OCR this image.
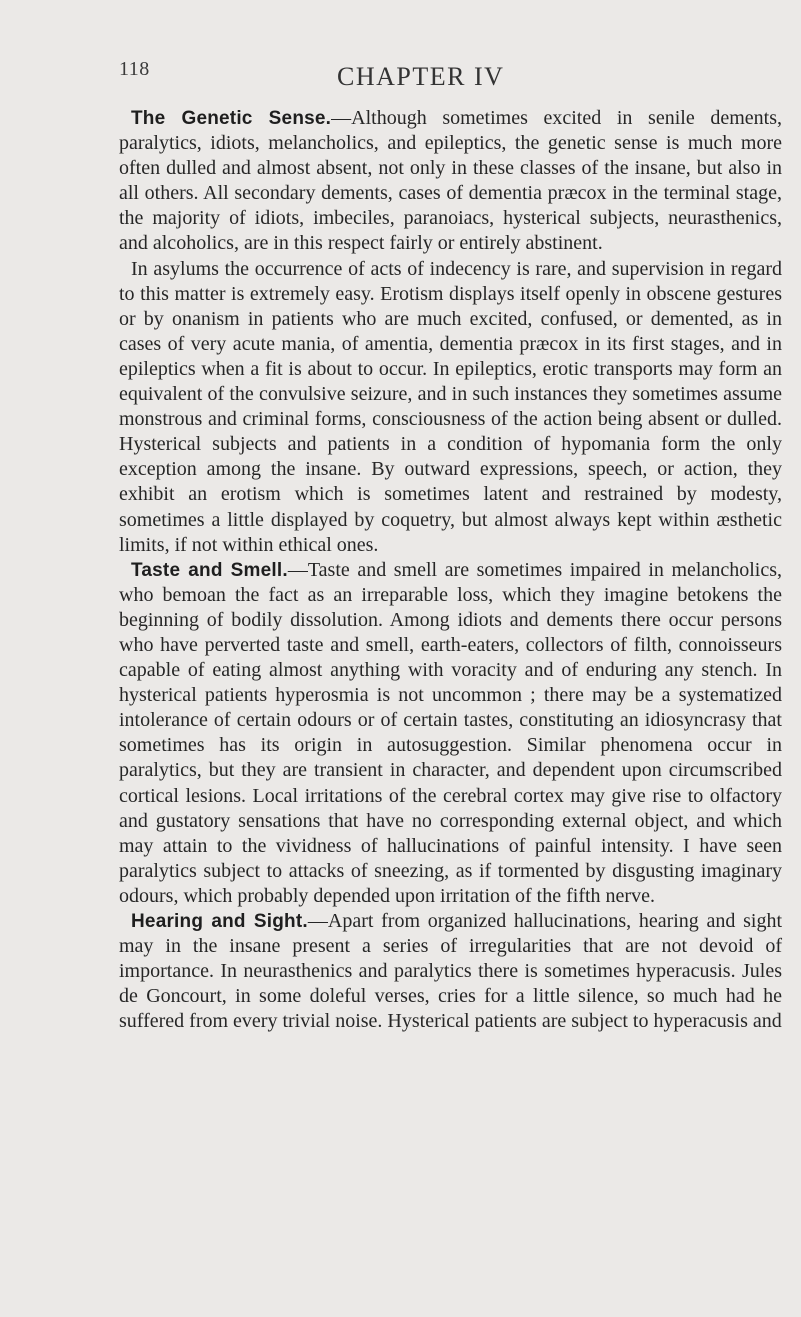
118	CHAPTER IV

The Genetic Sense.—Although sometimes excited in senile dements, paralytics, idiots, melancholics, and epileptics, the genetic sense is much more often dulled and almost absent, not only in these classes of the insane, but also in all others. All secondary dements, cases of dementia præcox in the terminal stage, the majority of idiots, imbeciles, paranoiacs, hysterical subjects, neurasthenics, and alcoholics, are in this respect fairly or entirely abstinent.

In asylums the occurrence of acts of indecency is rare, and supervision in regard to this matter is extremely easy. Erotism displays itself openly in obscene gestures or by onanism in patients who are much excited, confused, or demented, as in cases of very acute mania, of amentia, dementia præcox in its first stages, and in epileptics when a fit is about to occur. In epileptics, erotic transports may form an equivalent of the convulsive seizure, and in such instances they sometimes assume monstrous and criminal forms, consciousness of the action being absent or dulled. Hysterical subjects and patients in a condition of hypomania form the only exception among the insane. By outward expressions, speech, or action, they exhibit an erotism which is sometimes latent and restrained by modesty, sometimes a little displayed by coquetry, but almost always kept within æsthetic limits, if not within ethical ones.

Taste and Smell.—Taste and smell are sometimes impaired in melancholics, who bemoan the fact as an irreparable loss, which they imagine betokens the beginning of bodily dissolution. Among idiots and dements there occur persons who have perverted taste and smell, earth-eaters, collectors of filth, connoisseurs capable of eating almost anything with voracity and of enduring any stench. In hysterical patients hyperosmia is not uncommon ; there may be a systematized intolerance of certain odours or of certain tastes, constituting an idiosyncrasy that sometimes has its origin in autosuggestion. Similar phenomena occur in paralytics, but they are transient in character, and dependent upon circumscribed cortical lesions. Local irritations of the cerebral cortex may give rise to olfactory and gustatory sensations that have no corresponding external object, and which may attain to the vividness of hallucinations of painful intensity. I have seen paralytics subject to attacks of sneezing, as if tormented by disgusting imaginary odours, which probably depended upon irritation of the fifth nerve.

Hearing and Sight.—Apart from organized hallucinations, hearing and sight may in the insane present a series of irregularities that are not devoid of importance. In neurasthenics and paralytics there is sometimes hyperacusis. Jules de Goncourt, in some doleful verses, cries for a little silence, so much had he suffered from every trivial noise. Hysterical patients are subject to hyperacusis and
